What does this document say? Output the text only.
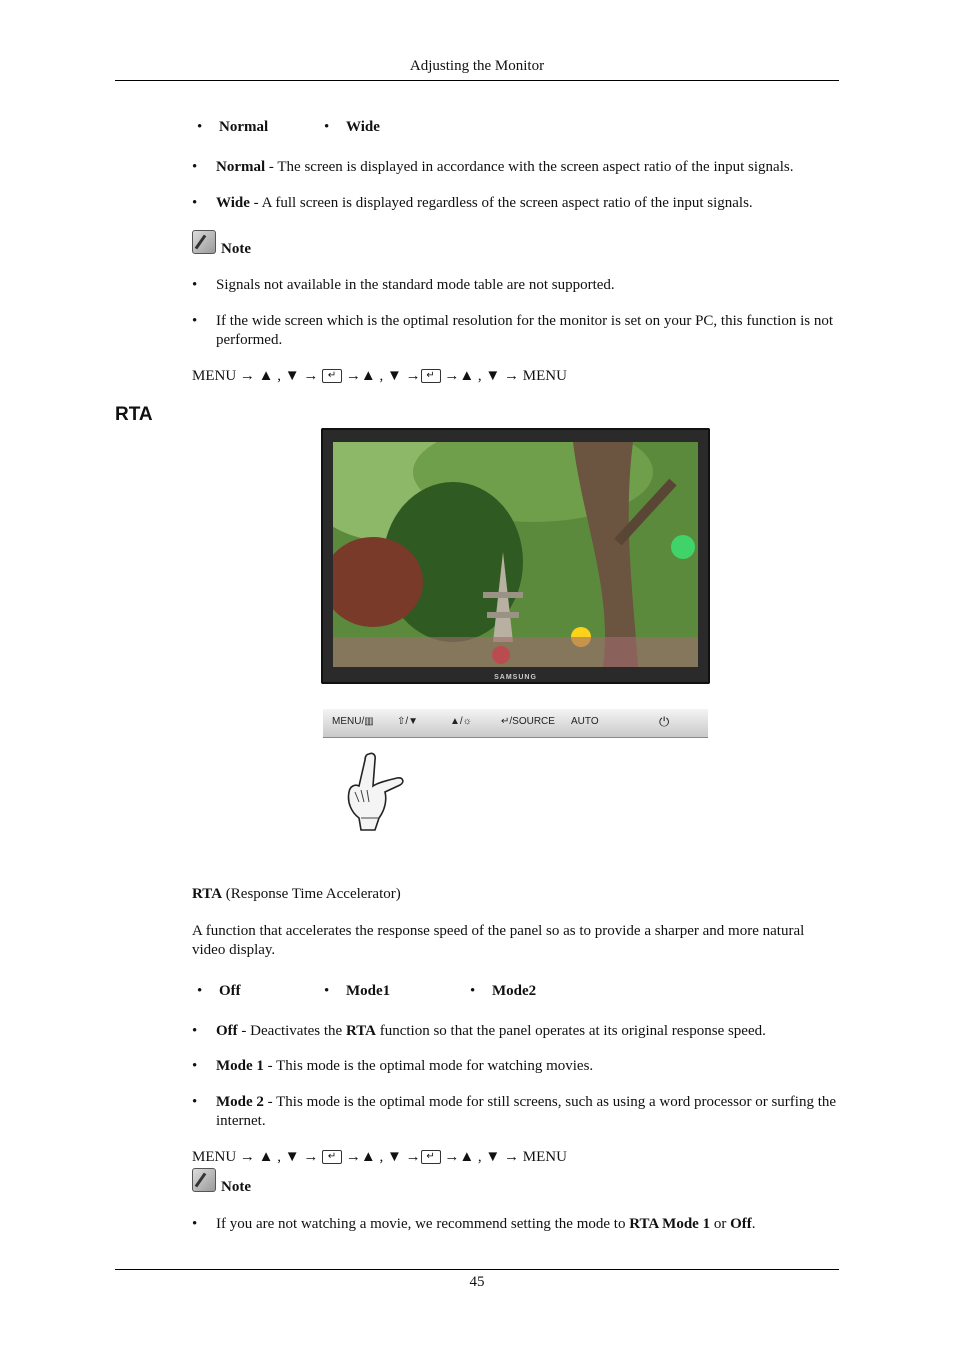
Adjusting the Monitor
• Normal	• Wide
• Normal - The screen is displayed in accordance with the screen aspect ratio of the input signals.
• Wide - A full screen is displayed regardless of the screen aspect ratio of the input signals.
Note
• Signals not available in the standard mode table are not supported.
• If the wide screen which is the optimal resolution for the monitor is set on your PC, this function is not performed.
MENU → ▲ , ▼ → ↵ →▲ , ▼ → ↵ →▲ , ▼ → MENU
RTA
SAMSUNG
MENU/▥ ⇧/▼	▲/☼	↵/SOURCE AUTO	⏻
RTA (Response Time Accelerator)
A function that accelerates the response speed of the panel so as to provide a sharper and more natural video display.
• Off	• Mode1	• Mode2
• Off - Deactivates the RTA function so that the panel operates at its original response speed.
• Mode 1 - This mode is the optimal mode for watching movies.
• Mode 2 - This mode is the optimal mode for still screens, such as using a word processor or surfing the internet.
MENU → ▲ , ▼ → ↵ →▲ , ▼ → ↵ →▲ , ▼ → MENU
Note
• If you are not watching a movie, we recommend setting the mode to RTA Mode 1 or Off.
45
